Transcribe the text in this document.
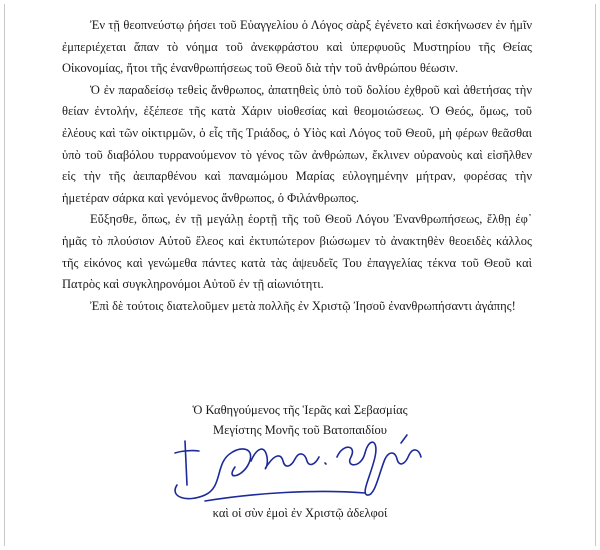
Ἐν τῇ θεοπνεύστῳ ῥήσει τοῦ Εὐαγγελίου ὁ Λόγος σὰρξ ἐγένετο καὶ ἐσκήνωσεν ἐν ἡμῖν ἐμπεριέχεται ἅπαν τὸ νόημα τοῦ ἀνεκφράστου καὶ ὑπερφυοῦς Μυστηρίου τῆς Θείας Οἰκονομίας, ἤτοι τῆς ἐνανθρωπήσεως τοῦ Θεοῦ διὰ τὴν τοῦ ἀνθρώπου θέωσιν.

Ὁ ἐν παραδείσῳ τεθεὶς ἄνθρωπος, ἀπατηθεὶς ὑπὸ τοῦ δολίου ἐχθροῦ καὶ ἀθετήσας τὴν θείαν ἐντολήν, ἐξέπεσε τῆς κατὰ Χάριν υἱοθεσίας καὶ θεομοιώσεως. Ὁ Θεός, ὅμως, τοῦ ἐλέους καὶ τῶν οἰκτιρμῶν, ὁ εἷς τῆς Τριάδος, ὁ Υἱὸς καὶ Λόγος τοῦ Θεοῦ, μὴ φέρων θεᾶσθαι ὑπὸ τοῦ διαβόλου τυρρανούμενον τὸ γένος τῶν ἀνθρώπων, ἔκλινεν οὐρανοὺς καὶ εἰσῆλθεν εἰς τὴν τῆς ἀειπαρθένου καὶ παναμώμου Μαρίας εὐλογημένην μήτραν, φορέσας τὴν ἡμετέραν σάρκα καὶ γενόμενος ἄνθρωπος, ὁ Φιλάνθρωπος.

Εὔξησθε, ὅπως, ἐν τῇ μεγάλῃ ἑορτῇ τῆς τοῦ Θεοῦ Λόγου Ἐνανθρωπήσεως, ἔλθῃ ἐφ᾿ ἡμᾶς τὸ πλούσιον Αὐτοῦ ἔλεος καὶ ἐκτυπώτερον βιώσωμεν τὸ ἀνακτηθὲν θεοειδὲς κάλλος τῆς εἰκόνος καὶ γενώμεθα πάντες κατὰ τὰς ἀψευδεῖς Του ἐπαγγελίας τέκνα τοῦ Θεοῦ καὶ Πατρὸς καὶ συγκληρονόμοι Αὐτοῦ ἐν τῇ αἰωνιότητι.

Ἐπὶ δὲ τούτοις διατελοῦμεν μετὰ πολλῆς ἐν Χριστῷ Ἰησοῦ ἐνανθρωπήσαντι ἀγάπης!

Ὁ Καθηγούμενος τῆς Ἱερᾶς καὶ Σεβασμίας
Μεγίστης Μονῆς τοῦ Βατοπαιδίου
καὶ οἱ σὺν ἐμοὶ ἐν Χριστῷ ἀδελφοί
